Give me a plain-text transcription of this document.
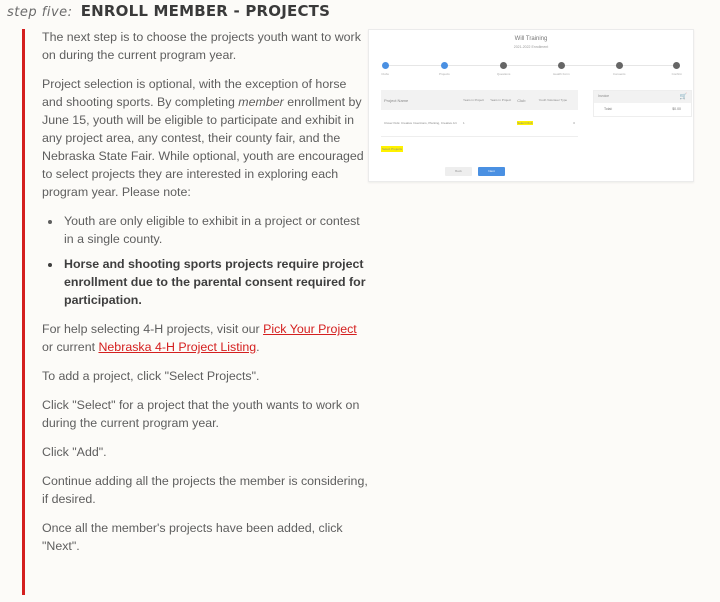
step five: ENROLL MEMBER - PROJECTS

The next step is to choose the projects youth want to work on during the current program year.

Project selection is optional, with the exception of horse and shooting sports. By completing member enrollment by June 15, youth will be eligible to participate and exhibit in any project area, any contest, their county fair, and the Nebraska State Fair. While optional, youth are encouraged to select projects they are interested in exploring each program year. Please note:

• Youth are only eligible to exhibit in a project or contest in a single county.
• Horse and shooting sports projects require project enrollment due to the parental consent required for participation.

For help selecting 4-H projects, visit our Pick Your Project or current Nebraska 4-H Project Listing.

To add a project, click "Select Projects".

Click "Select" for a project that the youth wants to work on during the current program year.

Click "Add".

Continue adding all the projects the member is considering, if desired.

Once all the member's projects have been added, click "Next".

Will Training
2021-2022 Enrollment
Clubs	Projects	Questions	Health Form	Consents	Confirm
Project Name	Years in Project	Years in Project	Club	Youth Volunteer Type	
Clover Kids: Creative Inventions, Planting, Creative Art	1		Select Club		0
Select Projects
Invoice	🛒
Total:	$0.00
Back	Next
